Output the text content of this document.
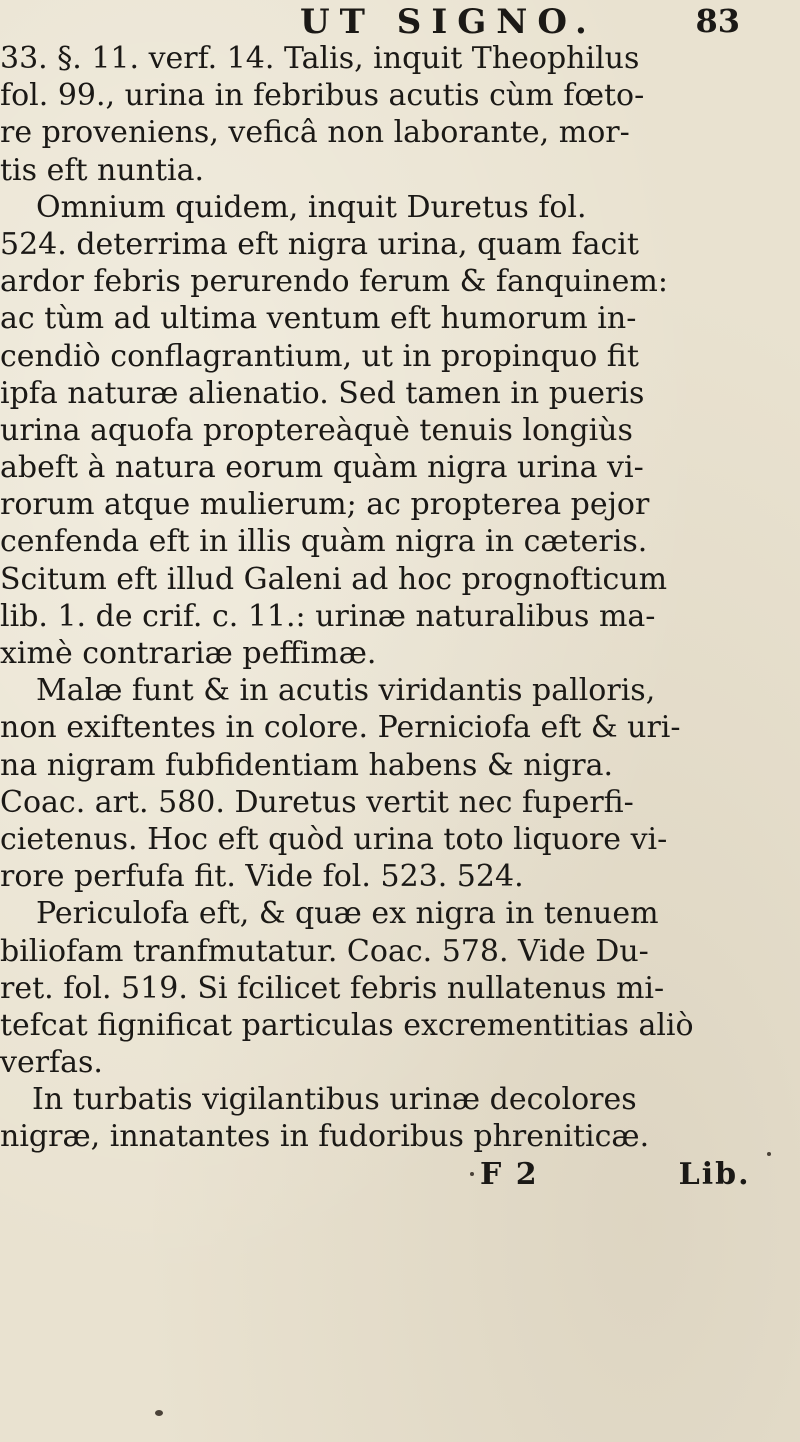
UT SIGNO.	83
33. §. 11. verf. 14. Talis, inquit Theophilus
fol. 99., urina in febribus acutis cùm fœto-
re proveniens, veficâ non laborante, mor-
tis eft nuntia.
Omnium quidem, inquit Duretus fol.
524. deterrima eft nigra urina, quam facit
ardor febris perurendo ferum & fanquinem:
ac tùm ad ultima ventum eft humorum in-
cendiò conflagrantium, ut in propinquo fit
ipfa naturæ alienatio. Sed tamen in pueris
urina aquofa proptereàquè tenuis longiùs
abeft à natura eorum quàm nigra urina vi-
rorum atque mulierum; ac propterea pejor
cenfenda eft in illis quàm nigra in cæteris.
Scitum eft illud Galeni ad hoc prognofticum
lib. 1. de crif. c. 11.: urinæ naturalibus ma-
ximè contrariæ peffimæ.
Malæ funt & in acutis viridantis palloris,
non exiftentes in colore. Perniciofa eft & uri-
na nigram fubfidentiam habens & nigra.
Coac. art. 580. Duretus vertit nec fuperfi-
cietenus. Hoc eft quòd urina toto liquore vi-
rore perfufa fit. Vide fol. 523. 524.
Periculofa eft, & quæ ex nigra in tenuem
biliofam tranfmutatur. Coac. 578. Vide Du-
ret. fol. 519. Si fcilicet febris nullatenus mi-
tefcat fignificat particulas excrementitias aliò
verfas.
In turbatis vigilantibus urinæ decolores
nigræ, innatantes in fudoribus phreniticæ.
F 2	Lib.
